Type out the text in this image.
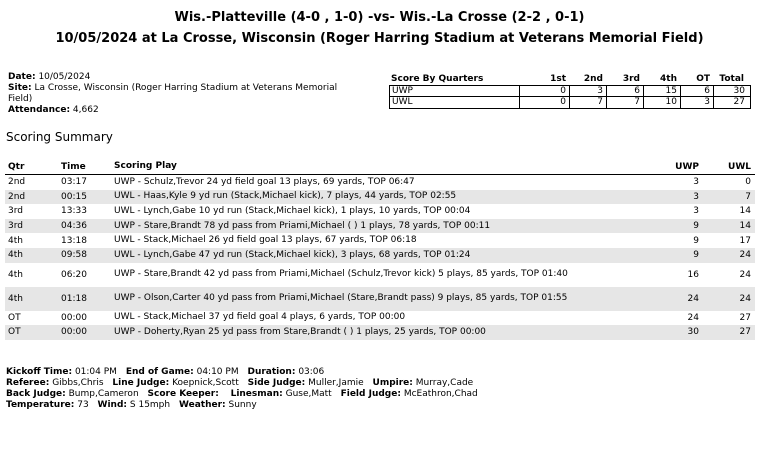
Wis.-Platteville (4-0 , 1-0) -vs- Wis.-La Crosse (2-2 , 0-1)
10/05/2024 at La Crosse, Wisconsin (Roger Harring Stadium at Veterans Memorial Field)
Date: 10/05/2024
Site: La Crosse, Wisconsin (Roger Harring Stadium at Veterans Memorial Field)
Attendance: 4,662
Score By Quarters	1st	2nd	3rd	4th	OT	Total
UWP	0	3	6	15	6	30
UWL	0	7	7	10	3	27
Scoring Summary
Qtr	Time	Scoring Play	UWP	UWL
2nd	03:17	UWP - Schulz,Trevor 24 yd field goal 13 plays, 69 yards, TOP 06:47	3	0
2nd	00:15	UWL - Haas,Kyle 9 yd run (Stack,Michael kick), 7 plays, 44 yards, TOP 02:55	3	7
3rd	13:33	UWL - Lynch,Gabe 10 yd run (Stack,Michael kick), 1 plays, 10 yards, TOP 00:04	3	14
3rd	04:36	UWP - Stare,Brandt 78 yd pass from Priami,Michael ( ) 1 plays, 78 yards, TOP 00:11	9	14
4th	13:18	UWL - Stack,Michael 26 yd field goal 13 plays, 67 yards, TOP 06:18	9	17
4th	09:58	UWL - Lynch,Gabe 47 yd run (Stack,Michael kick), 3 plays, 68 yards, TOP 01:24	9	24
4th	06:20	UWP - Stare,Brandt 42 yd pass from Priami,Michael (Schulz,Trevor kick) 5 plays, 85 yards, TOP 01:40	16	24
4th	01:18	UWP - Olson,Carter 40 yd pass from Priami,Michael (Stare,Brandt pass) 9 plays, 85 yards, TOP 01:55	24	24
OT	00:00	UWL - Stack,Michael 37 yd field goal 4 plays, 6 yards, TOP 00:00	24	27
OT	00:00	UWP - Doherty,Ryan 25 yd pass from Stare,Brandt ( ) 1 plays, 25 yards, TOP 00:00	30	27
Kickoff Time: 01:04 PM End of Game: 04:10 PM Duration: 03:06
Referee: Gibbs,Chris Line Judge: Koepnick,Scott Side Judge: Muller,Jamie Umpire: Murray,Cade
Back Judge: Bump,Cameron Score Keeper: Linesman: Guse,Matt Field Judge: McEathron,Chad
Temperature: 73 Wind: S 15mph Weather: Sunny
